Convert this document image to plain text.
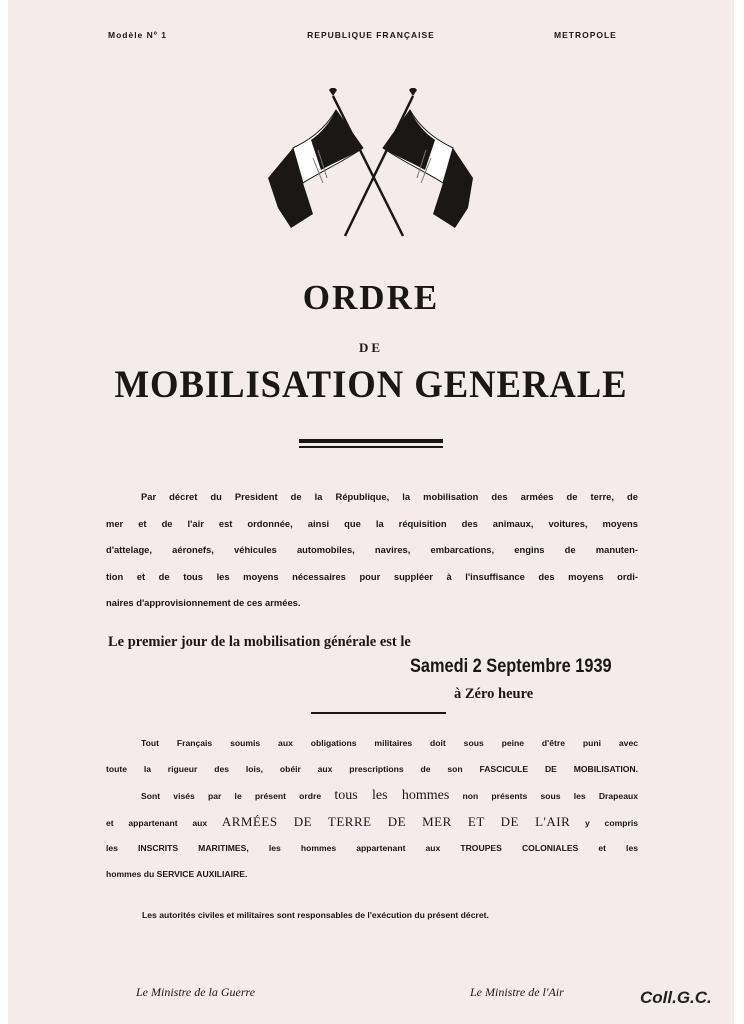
Modèle Nº 1	REPUBLIQUE FRANÇAISE	METROPOLE
ORDRE
DE
MOBILISATION GENERALE
Par décret du President de la République, la mobilisation des armées de terre, de
mer et de l'air est ordonnée, ainsi que la réquisition des animaux, voitures, moyens
d'attelage, aéronefs, véhicules automobiles, navires, embarcations, engins de manuten-
tion et de tous les moyens nécessaires pour suppléer à l'insuffisance des moyens ordi-
naires d'approvisionnement de ces armées.
Le premier jour de la mobilisation générale est le
Samedi 2 Septembre 1939
à Zéro heure
Tout Français soumis aux obligations militaires doit sous peine d'être puni avec
toute la rigueur des lois, obéir aux prescriptions de son FASCICULE DE MOBILISATION.
Sont visés par le présent ordre tous les hommes non présents sous les Drapeaux
et appartenant aux ARMÉES DE TERRE DE MER ET DE L'AIR y compris
les INSCRITS MARITIMES, les hommes appartenant aux TROUPES COLONIALES et les
hommes du SERVICE AUXILIAIRE.
Les autorités civiles et militaires sont responsables de l'exécution du présent décret.
Le Ministre de la Guerre	Le Ministre de l'Air	Coll.G.C.
